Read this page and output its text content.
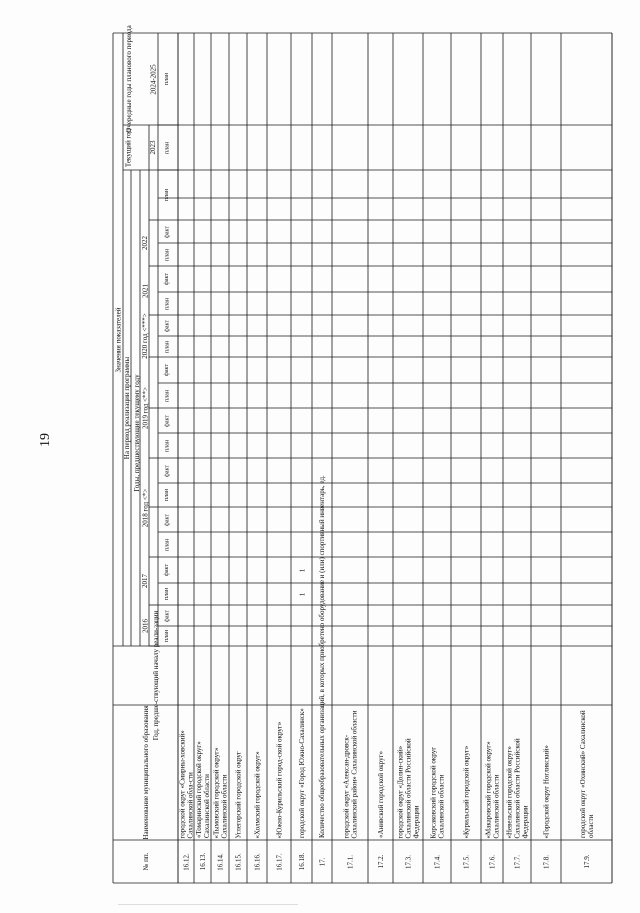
19
№ пп.
Наименование муниципального образования
Год, предше-ствующий началу реали-зации
Значения показателей
На период реализации программы Годы, предшествующие текущему году
Текущий год 2023
Очередные годы планового периода 2024-2025
2016
2017
2018 год <*>
2019 год <**>
2020 год <***>
2021
2022
план
факт
план
факт
план
факт
план
факт
план
факт
план
факт
план
факт
план
факт
план
факт
план
план
план
16.12.
городской округ «Смирны-ховский» Сахалинской обла-сти
16.13.
«Томаринский городской округ» Сахалинской области
16.14.
«Тымовский городской округ» Сахалинской области
16.15.
Углегорский городской округ
16.16.
«Холмский городской округ»
16.17.
«Южно-Курильский город-ской округ»
16.18.
городской округ «Город Южно-Сахалинск»
1
1
17.
Количество общеобразовательных организаций, в которых приобретено оборудование и (или) спортивный инвентарь, ед.
17.1.
городской округ «Алексан-дровск-Сахалинский район» Сахалинской области
17.2.
«Анивский городской округ»
17.3.
городской округ «Долин-ский» Сахалинской области Российской Федерации
17.4.
Корсаковский городской округ Сахалинской области
17.5.
«Курильский городской округ»
17.6.
«Макаровский городской округ» Сахалинской области
17.7.
«Невельский городской округ» Сахалинской области Российской Федерации
17.8.
«Городской округ Ногликский»
17.9.
городской округ «Охинский» Сахалинской области
